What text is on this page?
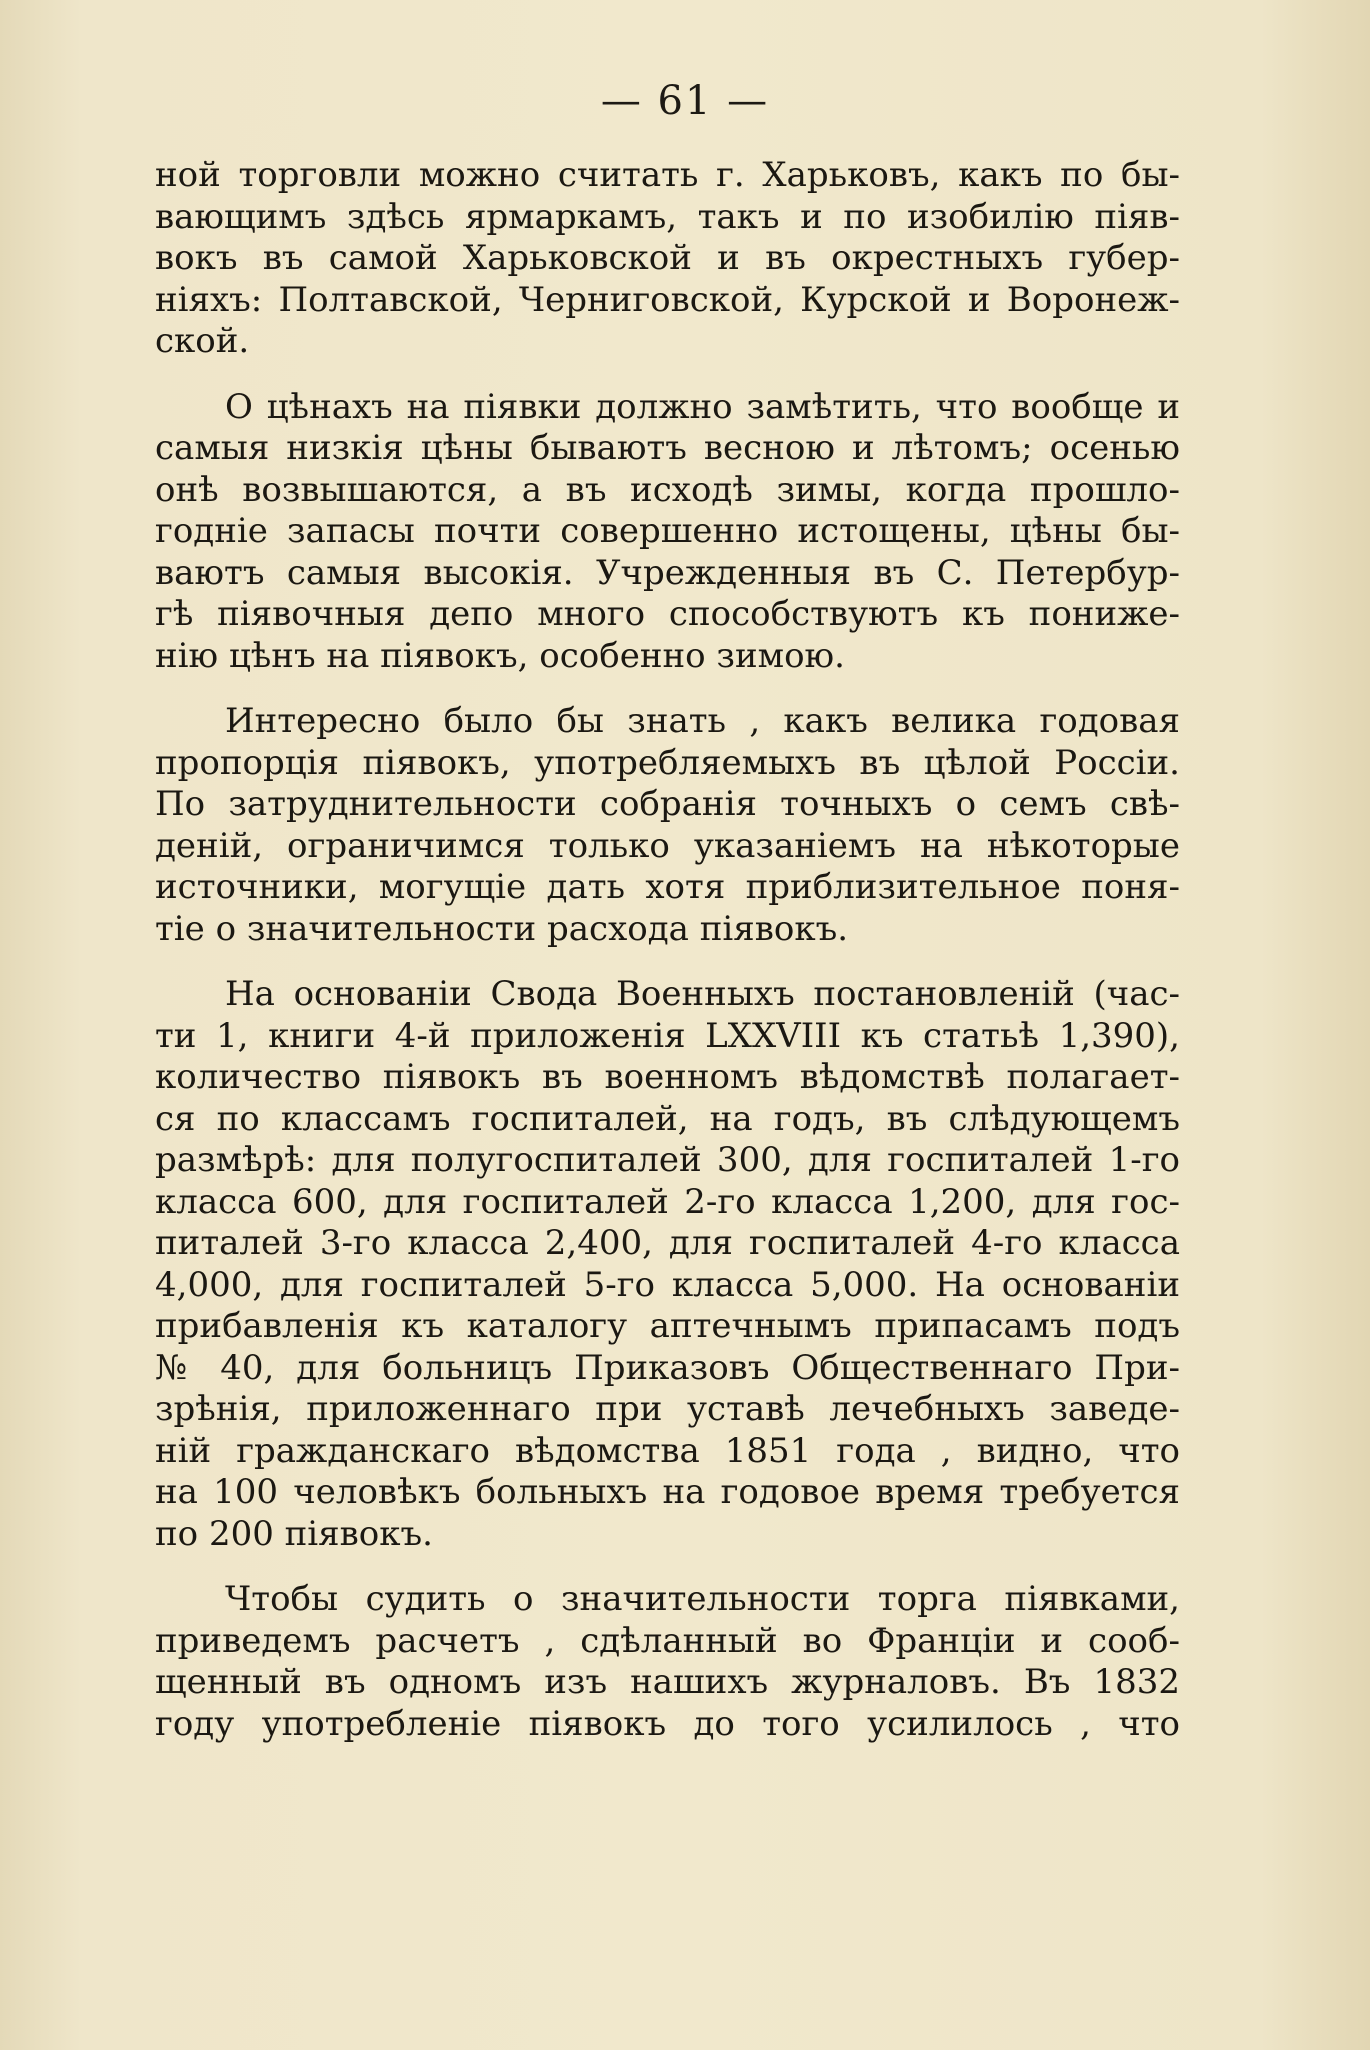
— 61 —
ной торговли можно считать г. Харьковъ, какъ по бы-
вающимъ здѣсь ярмаркамъ, такъ и по изобилію піяв-
вокъ въ самой Харьковской и въ окрестныхъ губер-
ніяхъ: Полтавской, Черниговской, Курской и Воронеж-
ской.
О цѣнахъ на піявки должно замѣтить, что вообще и
самыя низкія цѣны бываютъ весною и лѣтомъ; осенью
онѣ возвышаются, а въ исходѣ зимы, когда прошло-
годніе запасы почти совершенно истощены, цѣны бы-
ваютъ самыя высокія. Учрежденныя въ С. Петербур-
гѣ піявочныя депо много способствуютъ къ пониже-
нію цѣнъ на піявокъ, особенно зимою.
Интересно было бы знать , какъ велика годовая
пропорція піявокъ, употребляемыхъ въ цѣлой Россіи.
По затруднительности собранія точныхъ о семъ свѣ-
деній, ограничимся только указаніемъ на нѣкоторые
источники, могущіе дать хотя приблизительное поня-
тіе о значительности расхода піявокъ.
На основаніи Свода Военныхъ постановленій (час-
ти 1, книги 4-й приложенія LXXVIII къ статьѣ 1,390),
количество піявокъ въ военномъ вѣдомствѣ полагает-
ся по классамъ госпиталей, на годъ, въ слѣдующемъ
размѣрѣ: для полугоспиталей 300, для госпиталей 1-го
класса 600, для госпиталей 2-го класса 1,200, для гос-
питалей 3-го класса 2,400, для госпиталей 4-го класса
4,000, для госпиталей 5-го класса 5,000. На основаніи
прибавленія къ каталогу аптечнымъ припасамъ подъ
№ 40, для больницъ Приказовъ Общественнаго При-
зрѣнія, приложеннаго при уставѣ лечебныхъ заведе-
ній гражданскаго вѣдомства 1851 года , видно, что
на 100 человѣкъ больныхъ на годовое время требуется
по 200 піявокъ.
Чтобы судить о значительности торга піявками,
приведемъ расчетъ , сдѣланный во Франціи и сооб-
щенный въ одномъ изъ нашихъ журналовъ. Въ 1832
году употребленіе піявокъ до того усилилось , что
